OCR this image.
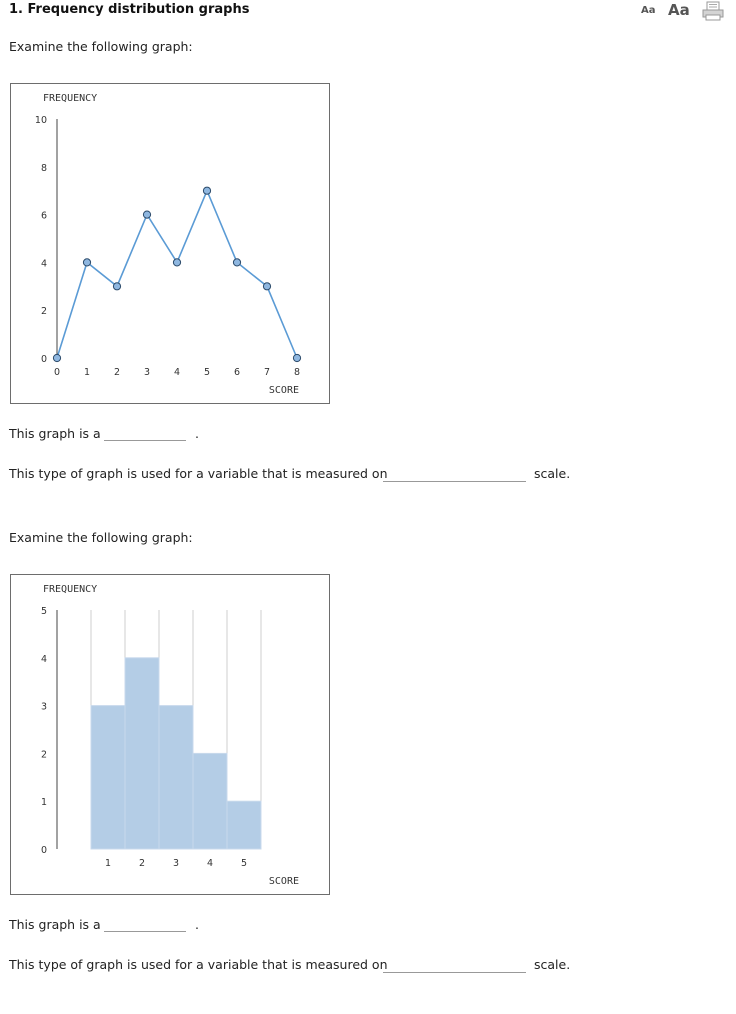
1. Frequency distribution graphs	Aa Aa
Examine the following graph:
FREQUENCY
SCORE
0
2
4
6
8
10
0	1	2	3	4	5	6	7	8
This graph is a	.
This type of graph is used for a variable that is measured on	scale.
Examine the following graph:
FREQUENCY
SCORE
0
1
2
3
4
5
1	2	3	4	5
This graph is a	.
This type of graph is used for a variable that is measured on	scale.
